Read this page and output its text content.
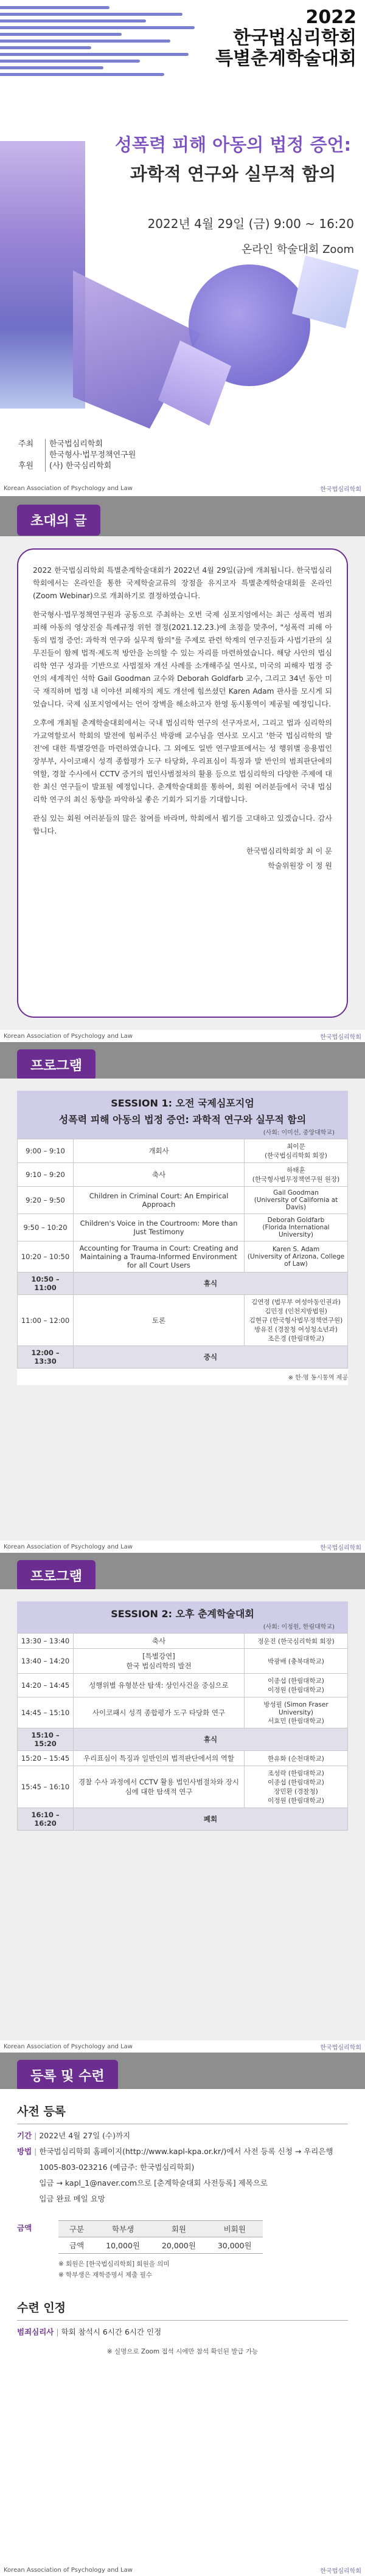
2022
한국법심리학회
특별춘계학술대회
성폭력 피해 아동의 법정 증언:
과학적 연구와 실무적 함의
2022년 4월 29일 (금) 9:00 ~ 16:20
온라인 학술대회 Zoom
주최	한국법심리학회
한국형사·법무정책연구원
후원	(사) 한국심리학회
Korean Association of Psychology and Law	한국법심리학회
초대의 글

2022 한국법심리학회 특별춘계학술대회가 2022년 4월 29일(금)에 개최됩니다. 한국법심리학회에서는 온라인을 통한 국제학술교류의 장점을 유지코자 특별춘계학술대회를 온라인(Zoom Webinar)으로 개최하기로 결정하였습니다.

한국형사·법무정책연구원과 공동으로 주최하는 오번 국제 심포지엄에서는 최근 성폭력 범죄 피해 아동의 영상진술 특례규정 위헌 결정(2021.12.23.)에 초점을 맞추어, "성폭력 피해 아동의 법정 증언: 과학적 연구와 실무적 함의"를 주제로 관련 학계의 연구진들과 사법기관의 실무진들이 함께 법적·제도적 방안을 논의할 수 있는 자리를 마련하였습니다. 해당 사안의 법심리학 연구 성과를 기반으로 사법절차 개선 사례를 소개해주실 연사로, 미국의 피해자 법정 증언의 세계적인 석학 Gail Goodman 교수와 Deborah Goldfarb 교수, 그리고 34년 동안 미국 재직하며 법정 내 이야션 피해자의 제도 개선에 힘쓰셨던 Karen Adam 판사를 모시게 되었습니다. 국제 심포지엄에서는 언어 장벽을 해소하고자 한영 동시통역이 제공될 예정입니다.

오후에 개최될 춘계학술대회에서는 국내 법심리학 연구의 선구자로서, 그리고 법과 심리학의 가교역할로서 학회의 발전에 힘써주신 박광배 교수님을 연사로 모시고 '한국 법심리학의 발전'에 대한 특별강연을 마련하였습니다. 그 외에도 일반 연구발표에서는 성 행위별 응용법인 장부부, 사이코패시 성격 종합평가 도구 타당화, 우리표심이 특징과 발 반인의 범죄판단에의 역할, 경찰 수사에서 CCTV 증거의 법인사범절차의 활용 등으로 법심리학의 다양한 주제에 대한 최신 연구들이 발표될 예정입니다. 춘계학술대회를 통하여, 회원 여러분들에서 국내 법심리학 연구의 최신 동향을 파악하실 좋은 기회가 되기를 기대합니다.

관심 있는 회원 여러분들의 많은 참여를 바라며, 학회에서 뵙기를 고대하고 있겠습니다. 감사합니다.

한국법심리학회장 최 이 문
학술위원장 이 정 원
Korean Association of Psychology and Law	한국법심리학회
프로그램
SESSION 1: 오전 국제심포지엄
성폭력 피해 아동의 법정 증언: 과학적 연구와 실무적 함의
(사회: 이미선, 중앙대학교)
9:00 – 9:10	개회사	최이문
(한국법심리학회 회장)
9:10 – 9:20	축사	하태훈
(한국형사법무정책연구원 원장)
9:20 – 9:50	Children in Criminal Court: An Empirical Approach	Gail Goodman
(University of California at Davis)
9:50 – 10:20	Children's Voice in the Courtroom: More than Just Testimony	Deborah Goldfarb
(Florida International University)
10:20 – 10:50	Accounting for Trauma in Court: Creating and Maintaining a Trauma-Informed Environment for all Court Users	Karen S. Adam
(University of Arizona, College of Law)
10:50 – 11:00	휴식	
11:00 – 12:00	토론	김연정 (법무부 여성아동인권과)
김민정 (인천지방법원)
김현규 (한국형사법무정책연구원)
방유진 (경찰청 여성청소년과)
조은경 (한림대학교)
12:00 – 13:30	중식	
※ 한·영 동시통역 제공
Korean Association of Psychology and Law	한국법심리학회
프로그램
SESSION 2: 오후 춘계학술대회
(사회: 이정원, 한림대학교)
13:30 – 13:40	축사	정운진 (한국심리학회 회장)
13:40 – 14:20	[특별강연]
한국 법심리학의 발전	박광배 (충북대학교)
14:20 – 14:45	성행위별 유형분산 탐색: 상인사건을 중심으로	이종섭 (한림대학교)
이정원 (한림대학교)
14:45 – 15:10	사이코패시 성격 종합평가 도구 타당화 연구	방성필 (Simon Fraser University)
서효민 (한림대학교)
15:10 – 15:20	휴식	
15:20 – 15:45	우리표심이 특징과 일반인의 법적판단에서의 역할	한유화 (순천대학교)
15:45 – 16:10	경찰 수사 과정에서 CCTV 활용 법인사범절차와 장시심에 대한 탐색적 연구	조성락 (한림대학교)
이종섭 (한림대학교)
장민환 (경찰청)
이정원 (한림대학교)
16:10 – 16:20	폐회	
Korean Association of Psychology and Law	한국법심리학회
등록 및 수련
사전 등록
기간 | 2022년 4월 27일 (수)까지
방법 | 한국법심리학회 홈페이지(http://www.kapl-kpa.or.kr/)에서 사전 등록 신청 → 우리은행 1005-803-023216 (예금주: 한국법심리학회)
입금 → kapl_1@naver.com으로 [춘계학술대회 사전등록] 제목으로
입금 완료 메일 요망
금액	구분	학부생	회원	비회원
금액	10,000원	20,000원	30,000원
※ 회원은 [한국법심리학회] 회원을 의미
※ 학부생은 재학증명서 제출 필수
수련 인정
범죄심리사 | 학회 참석시 6시간 6시간 인정
※ 실명으로 Zoom 접석 시에만 참석 확인된 발급 가능
Korean Association of Psychology and Law	한국법심리학회
